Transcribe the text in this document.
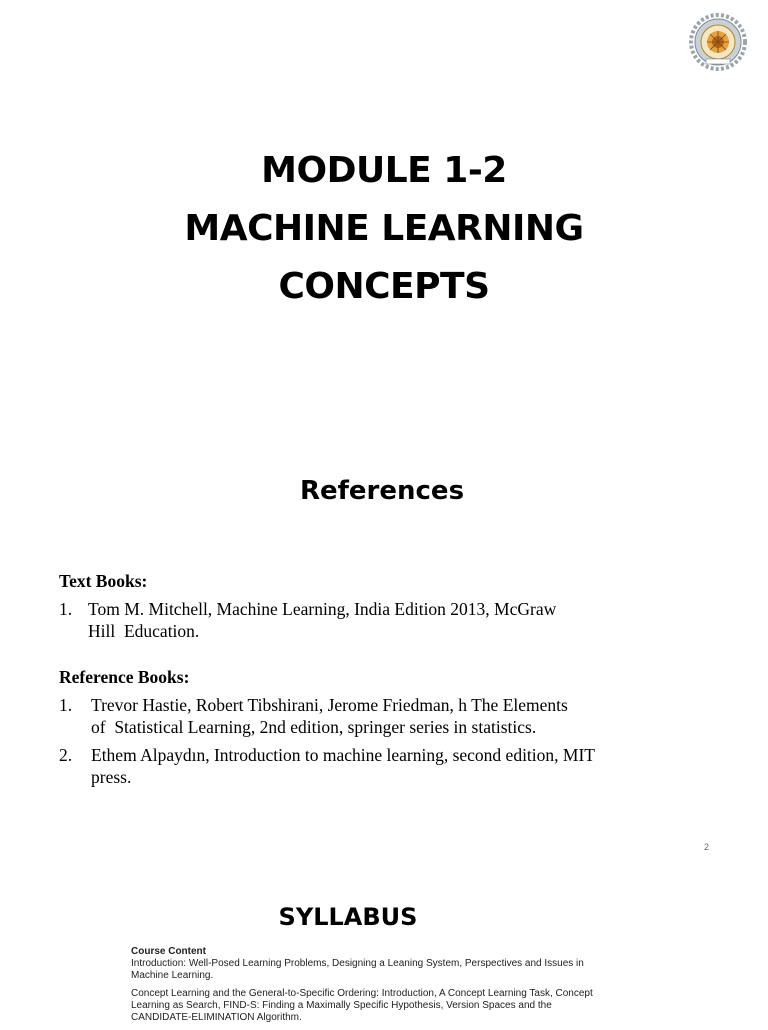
MODULE 1-2
MACHINE LEARNING
CONCEPTS
References
Text Books:
1. Tom M. Mitchell, Machine Learning, India Edition 2013, McGraw
Hill  Education.
Reference Books:
1. Trevor Hastie, Robert Tibshirani, Jerome Friedman, h The Elements
of  Statistical Learning, 2nd edition, springer series in statistics.
2. Ethem Alpaydın, Introduction to machine learning, second edition, MIT
press.
2
SYLLABUS
Course Content

Introduction: Well-Posed Learning Problems, Designing a Leaning System, Perspectives and Issues in
Machine Learning.

Concept Learning and the General-to-Specific Ordering: Introduction, A Concept Learning Task, Concept
Learning as Search, FIND-S: Finding a Maximally Specific Hypothesis, Version Spaces and the
CANDIDATE-ELIMINATION Algorithm.
